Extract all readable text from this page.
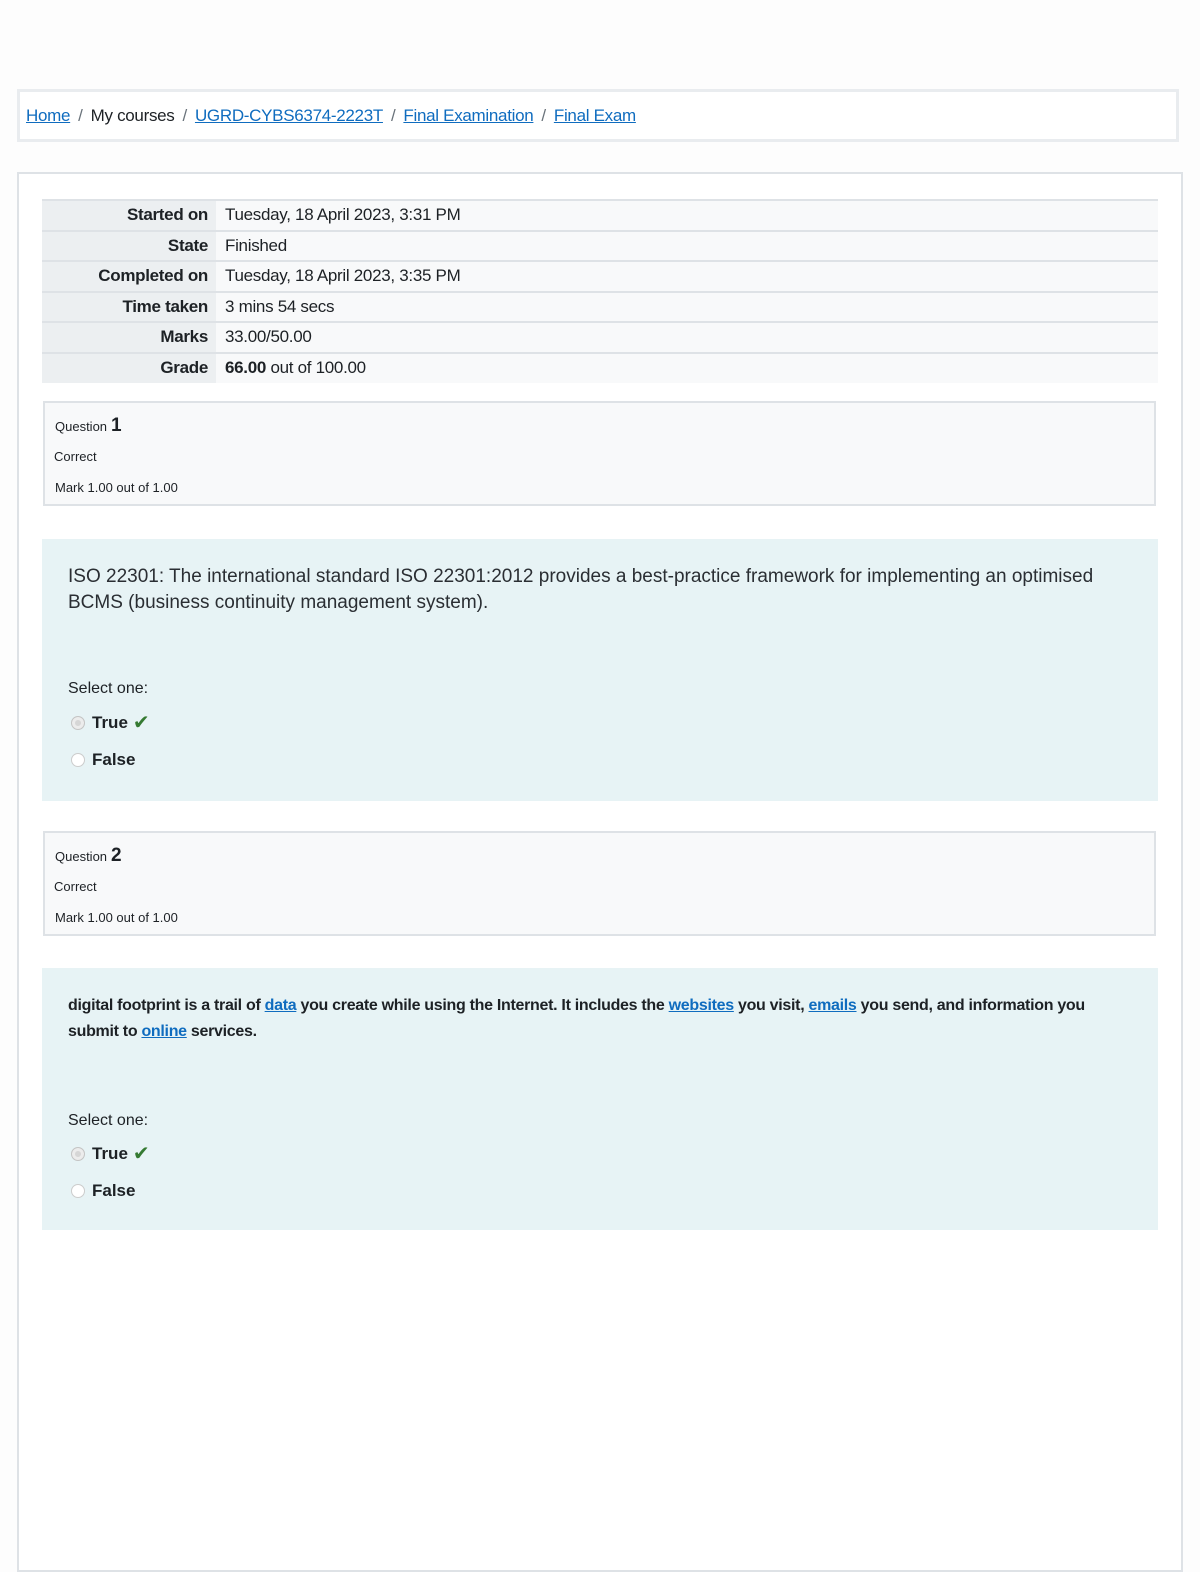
Home / My courses / UGRD-CYBS6374-2223T / Final Examination / Final Exam
Started on	Tuesday, 18 April 2023, 3:31 PM
State	Finished
Completed on	Tuesday, 18 April 2023, 3:35 PM
Time taken	3 mins 54 secs
Marks	33.00/50.00
Grade	66.00 out of 100.00
Question 1
Correct
Mark 1.00 out of 1.00
ISO 22301: The international standard ISO 22301:2012 provides a best-practice framework for implementing an optimised BCMS (business continuity management system).
Select one:
True ✔
False
Question 2
Correct
Mark 1.00 out of 1.00
digital footprint is a trail of data you create while using the Internet. It includes the websites you visit, emails you send, and information you submit to online services.
Select one:
True ✔
False
